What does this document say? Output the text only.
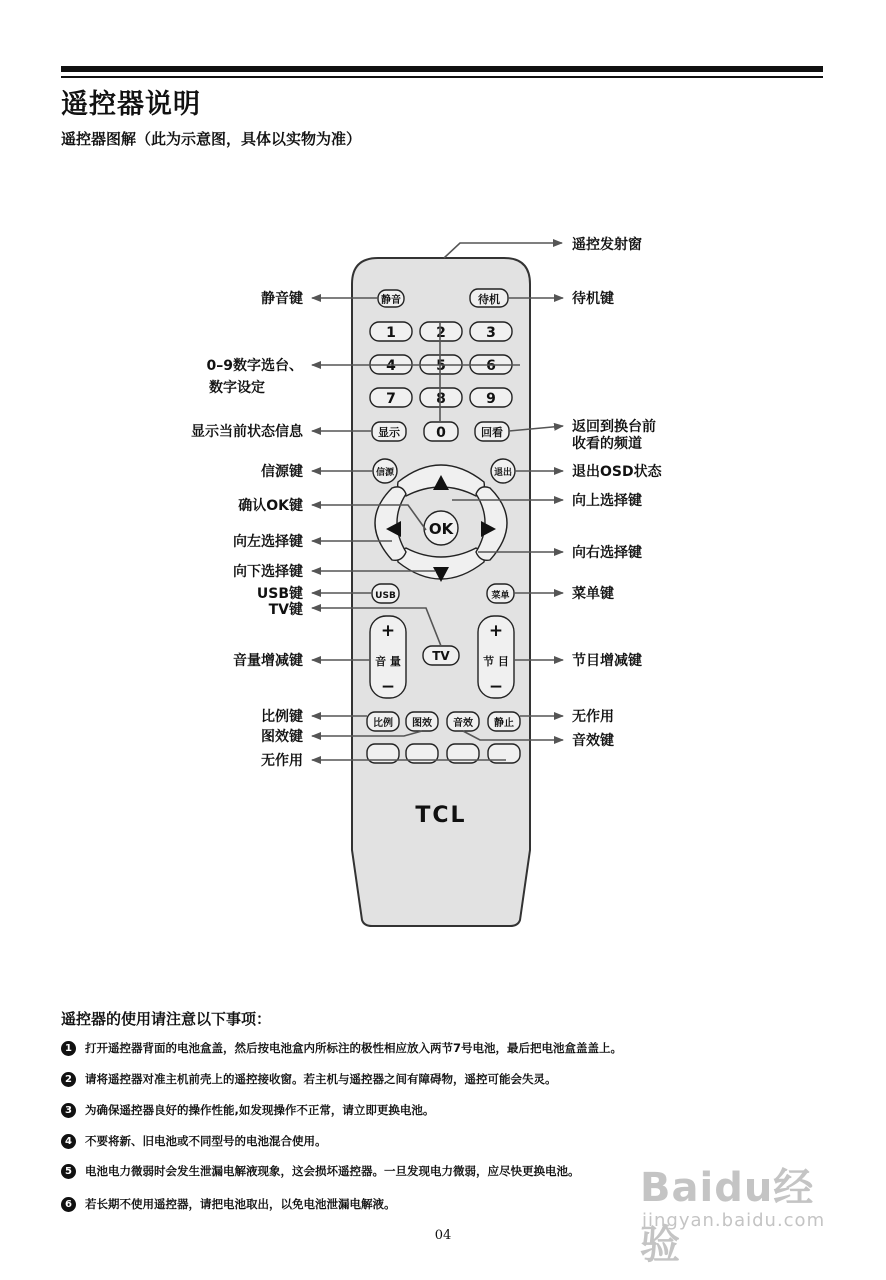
遥控器说明
遥控器图解（此为示意图，具体以实物为准）
静音	待机
1	2	3
4	5	6
7	8	9
显示	0	回看
信源	退出
OK
USB	菜单
+
音 量
−
TV
+
节 目
−
比例 图效 音效 静止
TCL
遥控发射窗
静音键	待机键
0–9数字选台、
数字设定
显示当前状态信息	返回到换台前
收看的频道
信源键	退出OSD状态
确认OK键	向上选择键
向左选择键
向右选择键
向下选择键
USB键	菜单键
TV键
音量增减键	节目增减键
比例键	无作用
图效键	音效键
无作用
遥控器的使用请注意以下事项：
1	打开遥控器背面的电池盒盖，然后按电池盒内所标注的极性相应放入两节7号电池，最后把电池盒盖盖上。
2	请将遥控器对准主机前壳上的遥控接收窗。若主机与遥控器之间有障碍物，遥控可能会失灵。
3	为确保遥控器良好的操作性能,如发现操作不正常，请立即更换电池。
4	不要将新、旧电池或不同型号的电池混合使用。
5	电池电力微弱时会发生泄漏电解液现象，这会损坏遥控器。一旦发现电力微弱，应尽快更换电池。
6	若长期不使用遥控器，请把电池取出，以免电池泄漏电解液。
04
Baidu经验
jingyan.baidu.com
